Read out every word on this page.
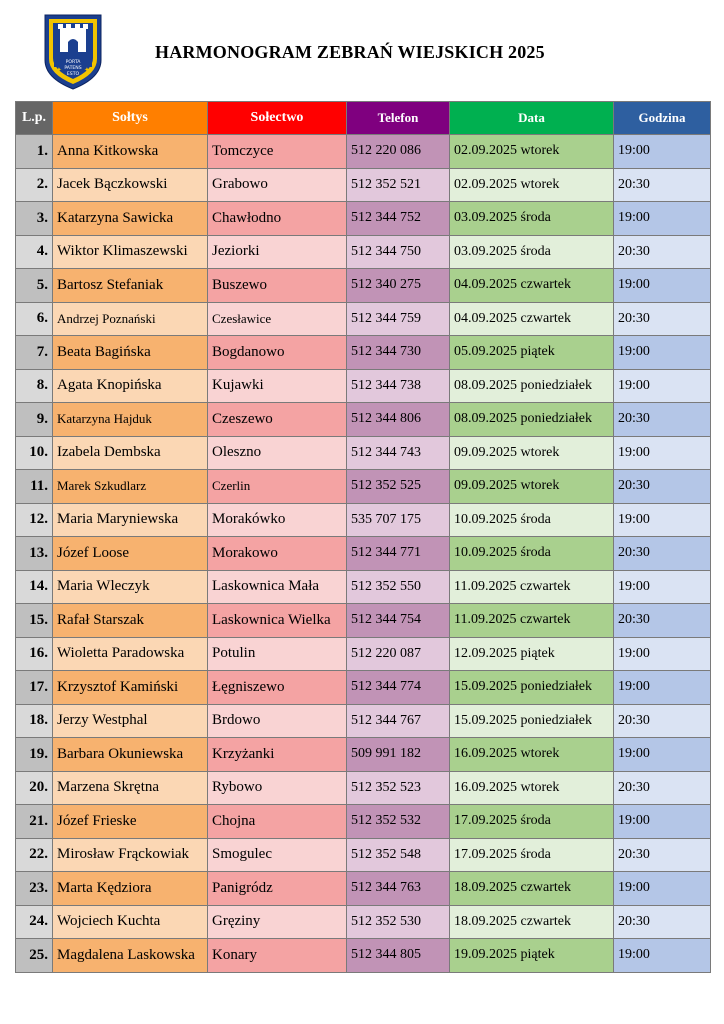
PORTA
PATENS
ESTO
✦	✦
HARMONOGRAM ZEBRAŃ WIEJSKICH 2025
L.p.	Sołtys	Sołectwo	Telefon	Data	Godzina
1.	Anna Kitkowska	Tomczyce	512 220 086	02.09.2025 wtorek	19:00
2.	Jacek Bączkowski	Grabowo	512 352 521	02.09.2025 wtorek	20:30
3.	Katarzyna Sawicka	Chawłodno	512 344 752	03.09.2025 środa	19:00
4.	Wiktor Klimaszewski	Jeziorki	512 344 750	03.09.2025 środa	20:30
5.	Bartosz Stefaniak	Buszewo	512 340 275	04.09.2025 czwartek	19:00
6.	Andrzej Poznański	Czesławice	512 344 759	04.09.2025 czwartek	20:30
7.	Beata Bagińska	Bogdanowo	512 344 730	05.09.2025 piątek	19:00
8.	Agata Knopińska	Kujawki	512 344 738	08.09.2025 poniedziałek	19:00
9.	Katarzyna Hajduk	Czeszewo	512 344 806	08.09.2025 poniedziałek	20:30
10.	Izabela Dembska	Oleszno	512 344 743	09.09.2025 wtorek	19:00
11.	Marek Szkudlarz	Czerlin	512 352 525	09.09.2025 wtorek	20:30
12.	Maria Maryniewska	Morakówko	535 707 175	10.09.2025 środa	19:00
13.	Józef Loose	Morakowo	512 344 771	10.09.2025 środa	20:30
14.	Maria Wleczyk	Laskownica Mała	512 352 550	11.09.2025 czwartek	19:00
15.	Rafał Starszak	Laskownica Wielka	512 344 754	11.09.2025 czwartek	20:30
16.	Wioletta Paradowska	Potulin	512 220 087	12.09.2025 piątek	19:00
17.	Krzysztof Kamiński	Łęgniszewo	512 344 774	15.09.2025 poniedziałek	19:00
18.	Jerzy Westphal	Brdowo	512 344 767	15.09.2025 poniedziałek	20:30
19.	Barbara Okuniewska	Krzyżanki	509 991 182	16.09.2025 wtorek	19:00
20.	Marzena Skrętna	Rybowo	512 352 523	16.09.2025 wtorek	20:30
21.	Józef Frieske	Chojna	512 352 532	17.09.2025 środa	19:00
22.	Mirosław Frąckowiak	Smogulec	512 352 548	17.09.2025 środa	20:30
23.	Marta Kędziora	Panigródz	512 344 763	18.09.2025 czwartek	19:00
24.	Wojciech Kuchta	Gręziny	512 352 530	18.09.2025 czwartek	20:30
25.	Magdalena Laskowska	Konary	512 344 805	19.09.2025 piątek	19:00
